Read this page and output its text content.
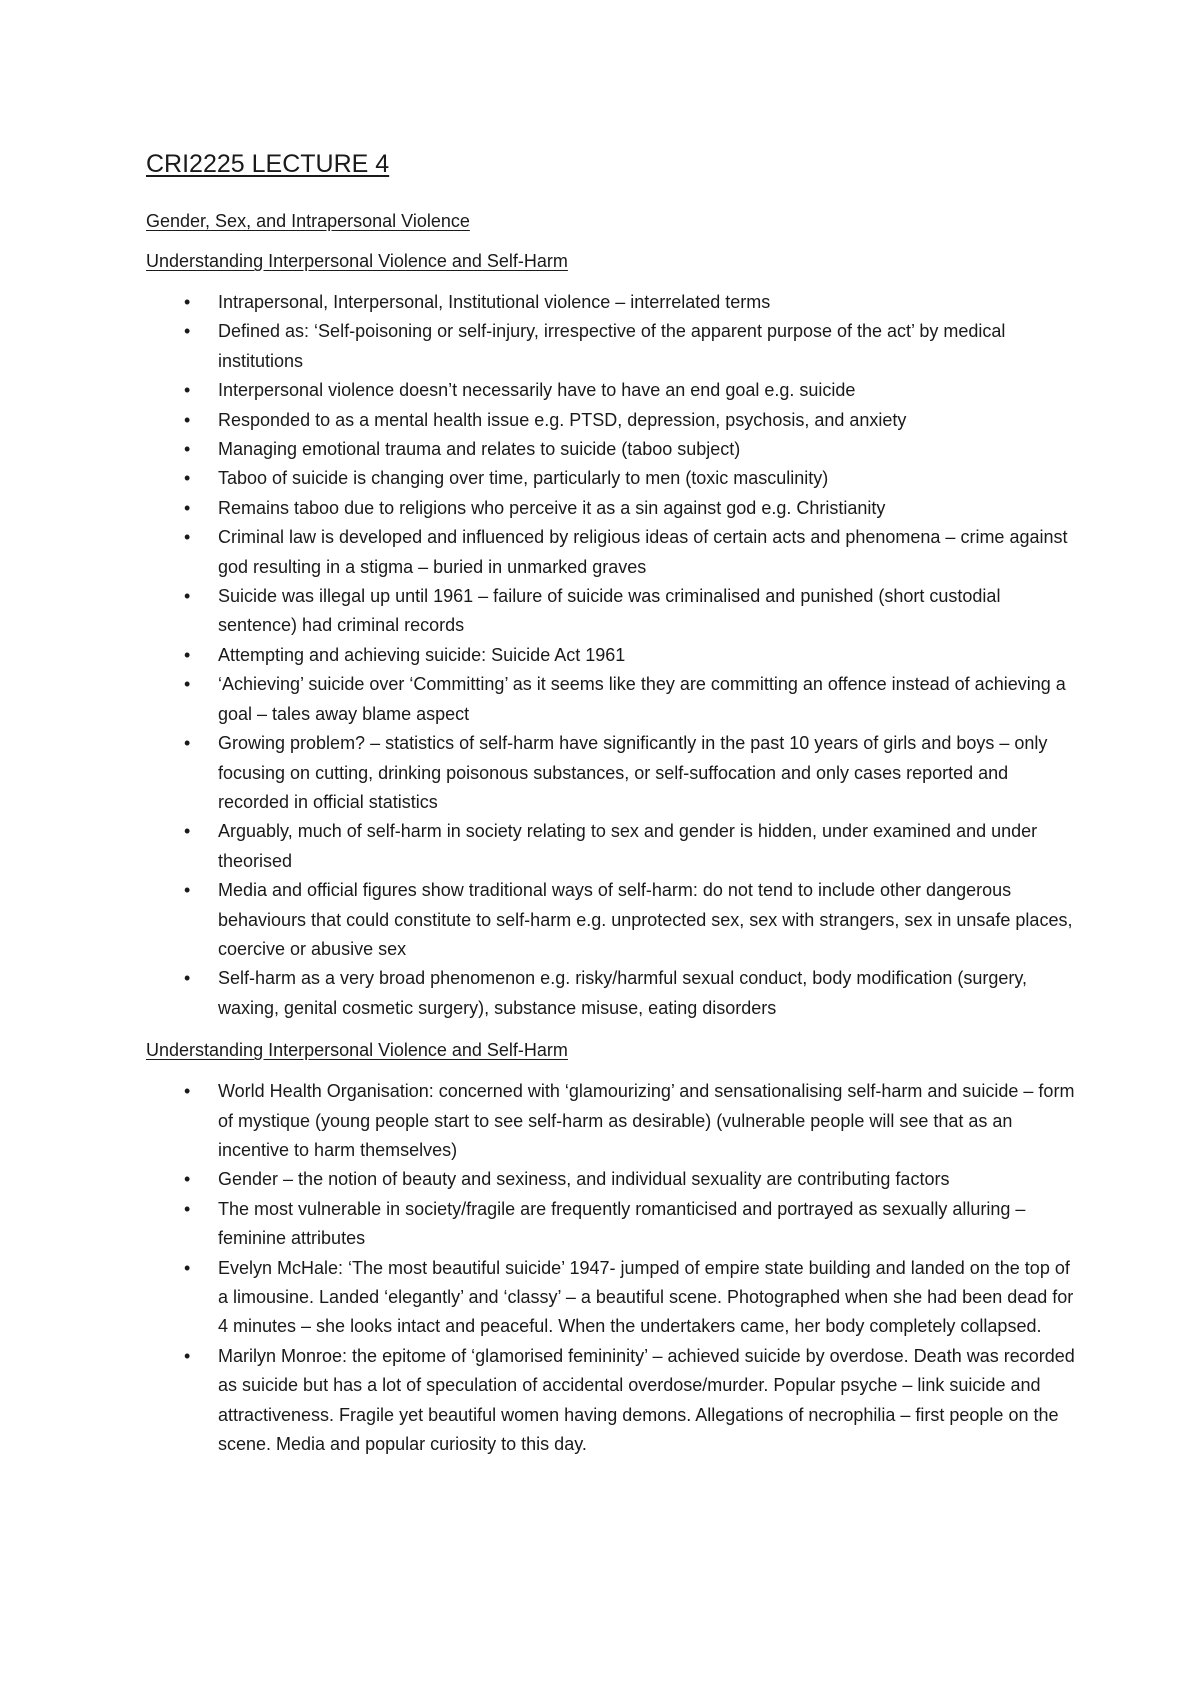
CRI2225 LECTURE 4
Gender, Sex, and Intrapersonal Violence
Understanding Interpersonal Violence and Self-Harm
• Intrapersonal, Interpersonal, Institutional violence – interrelated terms
• Defined as: ‘Self-poisoning or self-injury, irrespective of the apparent purpose of the act’ by medical institutions
• Interpersonal violence doesn’t necessarily have to have an end goal e.g. suicide
• Responded to as a mental health issue e.g. PTSD, depression, psychosis, and anxiety
• Managing emotional trauma and relates to suicide (taboo subject)
• Taboo of suicide is changing over time, particularly to men (toxic masculinity)
• Remains taboo due to religions who perceive it as a sin against god e.g. Christianity
• Criminal law is developed and influenced by religious ideas of certain acts and phenomena – crime against god resulting in a stigma – buried in unmarked graves
• Suicide was illegal up until 1961 – failure of suicide was criminalised and punished (short custodial sentence) had criminal records
• Attempting and achieving suicide: Suicide Act 1961
• ‘Achieving’ suicide over ‘Committing’ as it seems like they are committing an offence instead of achieving a goal – tales away blame aspect
• Growing problem? – statistics of self-harm have significantly in the past 10 years of girls and boys – only focusing on cutting, drinking poisonous substances, or self-suffocation and only cases reported and recorded in official statistics
• Arguably, much of self-harm in society relating to sex and gender is hidden, under examined and under theorised
• Media and official figures show traditional ways of self-harm: do not tend to include other dangerous behaviours that could constitute to self-harm e.g. unprotected sex, sex with strangers, sex in unsafe places, coercive or abusive sex
• Self-harm as a very broad phenomenon e.g. risky/harmful sexual conduct, body modification (surgery, waxing, genital cosmetic surgery), substance misuse, eating disorders
Understanding Interpersonal Violence and Self-Harm
• World Health Organisation: concerned with ‘glamourizing’ and sensationalising self-harm and suicide – form of mystique (young people start to see self-harm as desirable) (vulnerable people will see that as an incentive to harm themselves)
• Gender – the notion of beauty and sexiness, and individual sexuality are contributing factors
• The most vulnerable in society/fragile are frequently romanticised and portrayed as sexually alluring – feminine attributes
• Evelyn McHale: ‘The most beautiful suicide’ 1947- jumped of empire state building and landed on the top of a limousine. Landed ‘elegantly’ and ‘classy’ – a beautiful scene. Photographed when she had been dead for 4 minutes – she looks intact and peaceful. When the undertakers came, her body completely collapsed.
• Marilyn Monroe: the epitome of ‘glamorised femininity’ – achieved suicide by overdose. Death was recorded as suicide but has a lot of speculation of accidental overdose/murder. Popular psyche – link suicide and attractiveness. Fragile yet beautiful women having demons. Allegations of necrophilia – first people on the scene. Media and popular curiosity to this day.
